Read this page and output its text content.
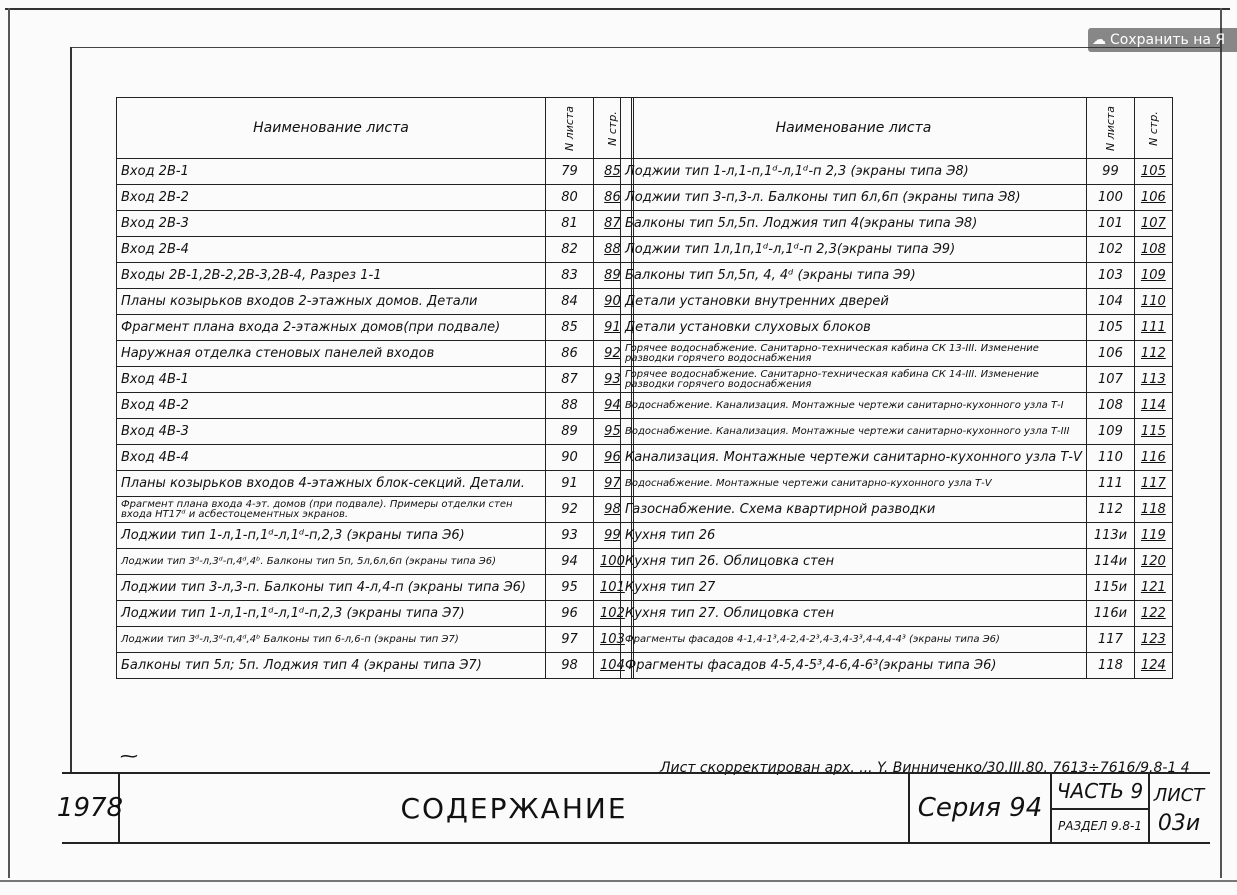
☁ Сохранить на Я
Наименование листа	N листа	N стр.
Вход 2В-1	79	85
Вход 2В-2	80	86
Вход 2В-3	81	87
Вход 2В-4	82	88
Входы 2В-1,2В-2,2В-3,2В-4, Разрез 1-1	83	89
Планы козырьков входов 2-этажных домов. Детали	84	90
Фрагмент плана входа 2-этажных домов(при подвале)	85	91
Наружная отделка стеновых панелей входов	86	92
Вход 4В-1	87	93
Вход 4В-2	88	94
Вход 4В-3	89	95
Вход 4В-4	90	96
Планы козырьков входов 4-этажных блок-секций. Детали.	91	97
Фрагмент плана входа 4-эт. домов (при подвале). Примеры отделки стен входа НТ17ᵈ и асбестоцементных экранов.	92	98
Лоджии тип 1-л,1-п,1ᵈ-л,1ᵈ-п,2,3 (экраны типа Э6)	93	99
Лоджии тип 3ᵈ-л,3ᵈ-п,4ᵈ,4ᵇ. Балконы тип 5п, 5л,6л,6п (экраны типа Э6)	94	100
Лоджии тип 3-л,3-п. Балконы тип 4-л,4-п (экраны типа Э6)	95	101
Лоджии тип 1-л,1-п,1ᵈ-л,1ᵈ-п,2,3 (экраны типа Э7)	96	102
Лоджии тип 3ᵈ-л,3ᵈ-п,4ᵈ,4ᵇ Балконы тип 6-л,6-п (экраны тип Э7)	97	103
Балконы тип 5л; 5п. Лоджия тип 4 (экраны типа Э7)	98	104
Наименование листа	N листа	N стр.
Лоджии тип 1-л,1-п,1ᵈ-л,1ᵈ-п 2,3 (экраны типа Э8)	99	105
Лоджии тип 3-п,3-л. Балконы тип 6л,6п (экраны типа Э8)	100	106
Балконы тип 5л,5п. Лоджия тип 4(экраны типа Э8)	101	107
Лоджии тип 1л,1п,1ᵈ-л,1ᵈ-п 2,3(экраны типа Э9)	102	108
Балконы тип 5л,5п, 4, 4ᵈ (экраны типа Э9)	103	109
Детали установки внутренних дверей	104	110
Детали установки слуховых блоков	105	111
Горячее водоснабжение. Санитарно-техническая кабина СК 13-III. Изменение разводки горячего водоснабжения	106	112
Горячее водоснабжение. Санитарно-техническая кабина СК 14-III. Изменение разводки горячего водоснабжения	107	113
Водоснабжение. Канализация. Монтажные чертежи санитарно-кухонного узла Т-I	108	114
Водоснабжение. Канализация. Монтажные чертежи санитарно-кухонного узла Т-III	109	115
Канализация. Монтажные чертежи санитарно-кухонного узла Т-V	110	116
Водоснабжение. Монтажные чертежи санитарно-кухонного узла Т-V	111	117
Газоснабжение. Схема квартирной разводки	112	118
Кухня тип 26	113и	119
Кухня тип 26. Облицовка стен	114и	120
Кухня тип 27	115и	121
Кухня тип 27. Облицовка стен	116и	122
Фрагменты фасадов 4-1,4-1³,4-2,4-2³,4-3,4-3³,4-4,4-4³ (экраны типа Э6)	117	123
Фрагменты фасадов 4-5,4-5³,4-6,4-6³(экраны типа Э6)	118	124
⁓
Лист скорректирован арх. ... Y. Винниченко/30.III.80. 7613÷7616/9.8-1 4
1978	СОДЕРЖАНИЕ	Серия 94
ЧАСТЬ 9
РАЗДЕЛ 9.8-1
ЛИСТ
03и
